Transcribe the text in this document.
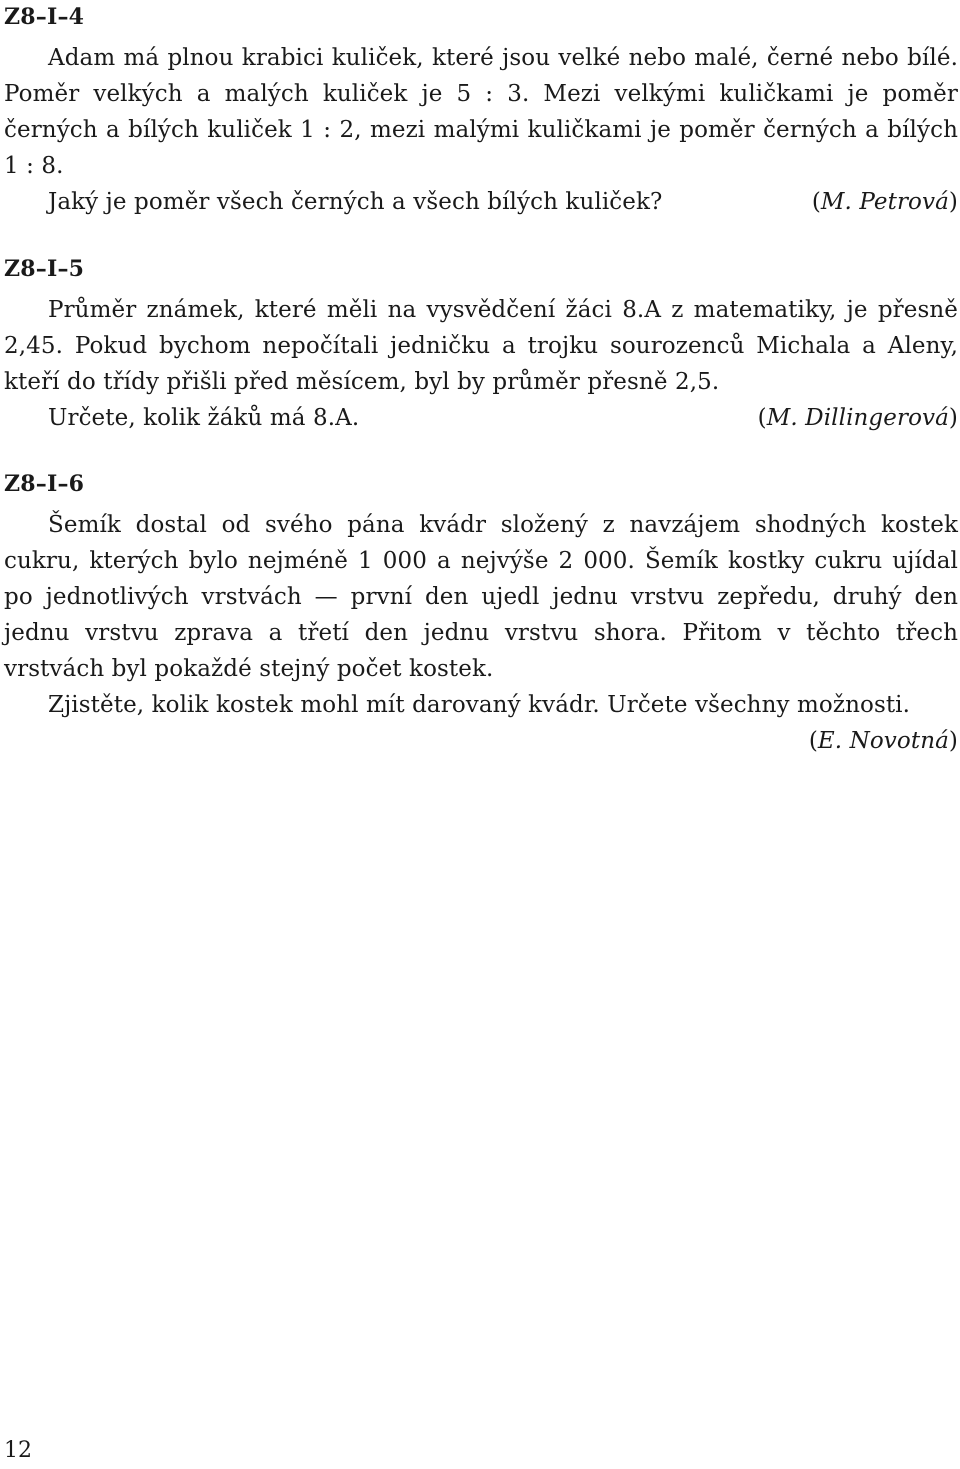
Z8–I–4

Adam má plnou krabici kuliček, které jsou velké nebo malé, černé nebo bílé. Poměr velkých a malých kuliček je 5 : 3. Mezi velkými kuličkami je poměr černých a bílých kuliček 1 : 2, mezi malými kuličkami je poměr černých a bílých 1 : 8.
Jaký je poměr všech černých a všech bílých kuliček?	(M. Petrová)

Z8–I–5

Průměr známek, které měli na vysvědčení žáci 8.A z matematiky, je přesně 2,45. Pokud bychom nepočítali jedničku a trojku sourozenců Michala a Aleny, kteří do třídy přišli před měsícem, byl by průměr přesně 2,5.
Určete, kolik žáků má 8.A.	(M. Dillingerová)

Z8–I–6

Šemík dostal od svého pána kvádr složený z navzájem shodných kostek cukru, kterých bylo nejméně 1 000 a nejvýše 2 000. Šemík kostky cukru ujídal po jednotlivých vrstvách — první den ujedl jednu vrstvu zepředu, druhý den jednu vrstvu zprava a třetí den jednu vrstvu shora. Přitom v těchto třech vrstvách byl pokaždé stejný počet kostek.
Zjistěte, kolik kostek mohl mít darovaný kvádr. Určete všechny možnosti.
(E. Novotná)
12
